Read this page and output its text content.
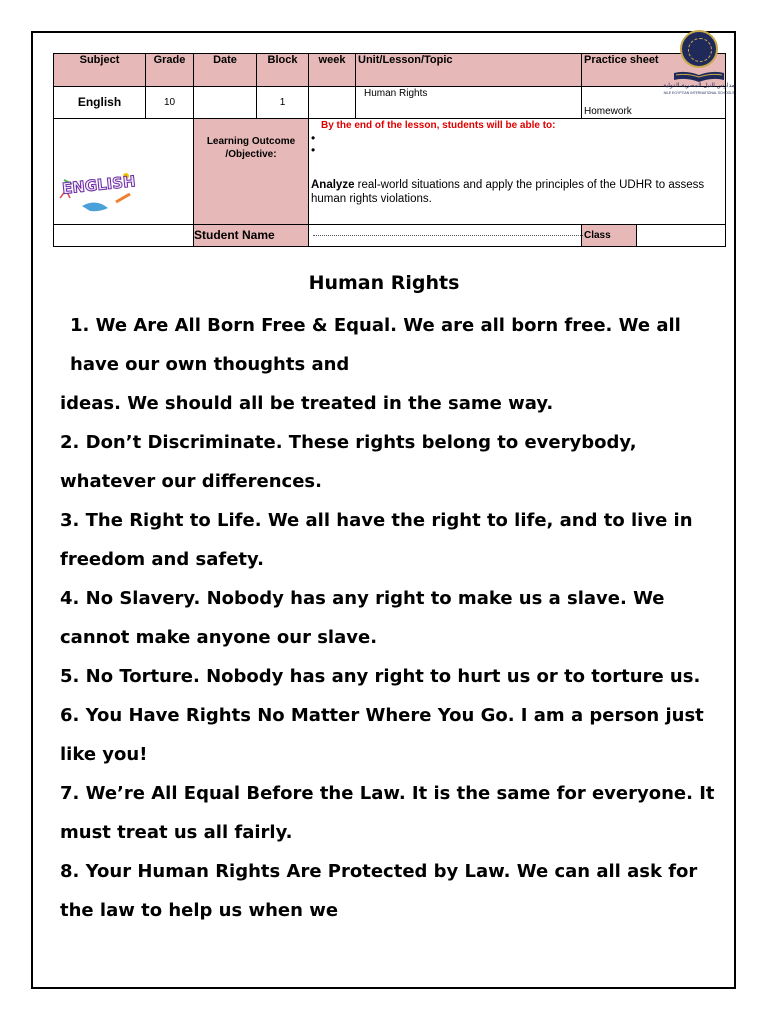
Subject	Grade	Date	Block	week	Unit/Lesson/Topic	Practice sheet	
English	10		1		Human Rights	Homework	
		Learning Outcome /Objective:		By the end of the lesson, students will be able to:
•
•
Analyze real-world situations and apply the principles of the UDHR to assess human rights violations.			

		Student Name				Class	
مدارس النيل المصرية الدولية
NILE EGYPTIAN INTERNATIONAL SCHOOLS
ENGLISH
Human Rights

1. We Are All Born Free & Equal. We are all born free. We all have our own thoughts and

ideas. We should all be treated in the same way.

2. Don’t Discriminate. These rights belong to everybody, whatever our differences.

3. The Right to Life. We all have the right to life, and to live in freedom and safety.

4. No Slavery. Nobody has any right to make us a slave. We cannot make anyone our slave.

5. No Torture. Nobody has any right to hurt us or to torture us.

6. You Have Rights No Matter Where You Go. I am a person just like you!

7. We’re All Equal Before the Law. It is the same for everyone. It must treat us all fairly.

8. Your Human Rights Are Protected by Law. We can all ask for the law to help us when we
